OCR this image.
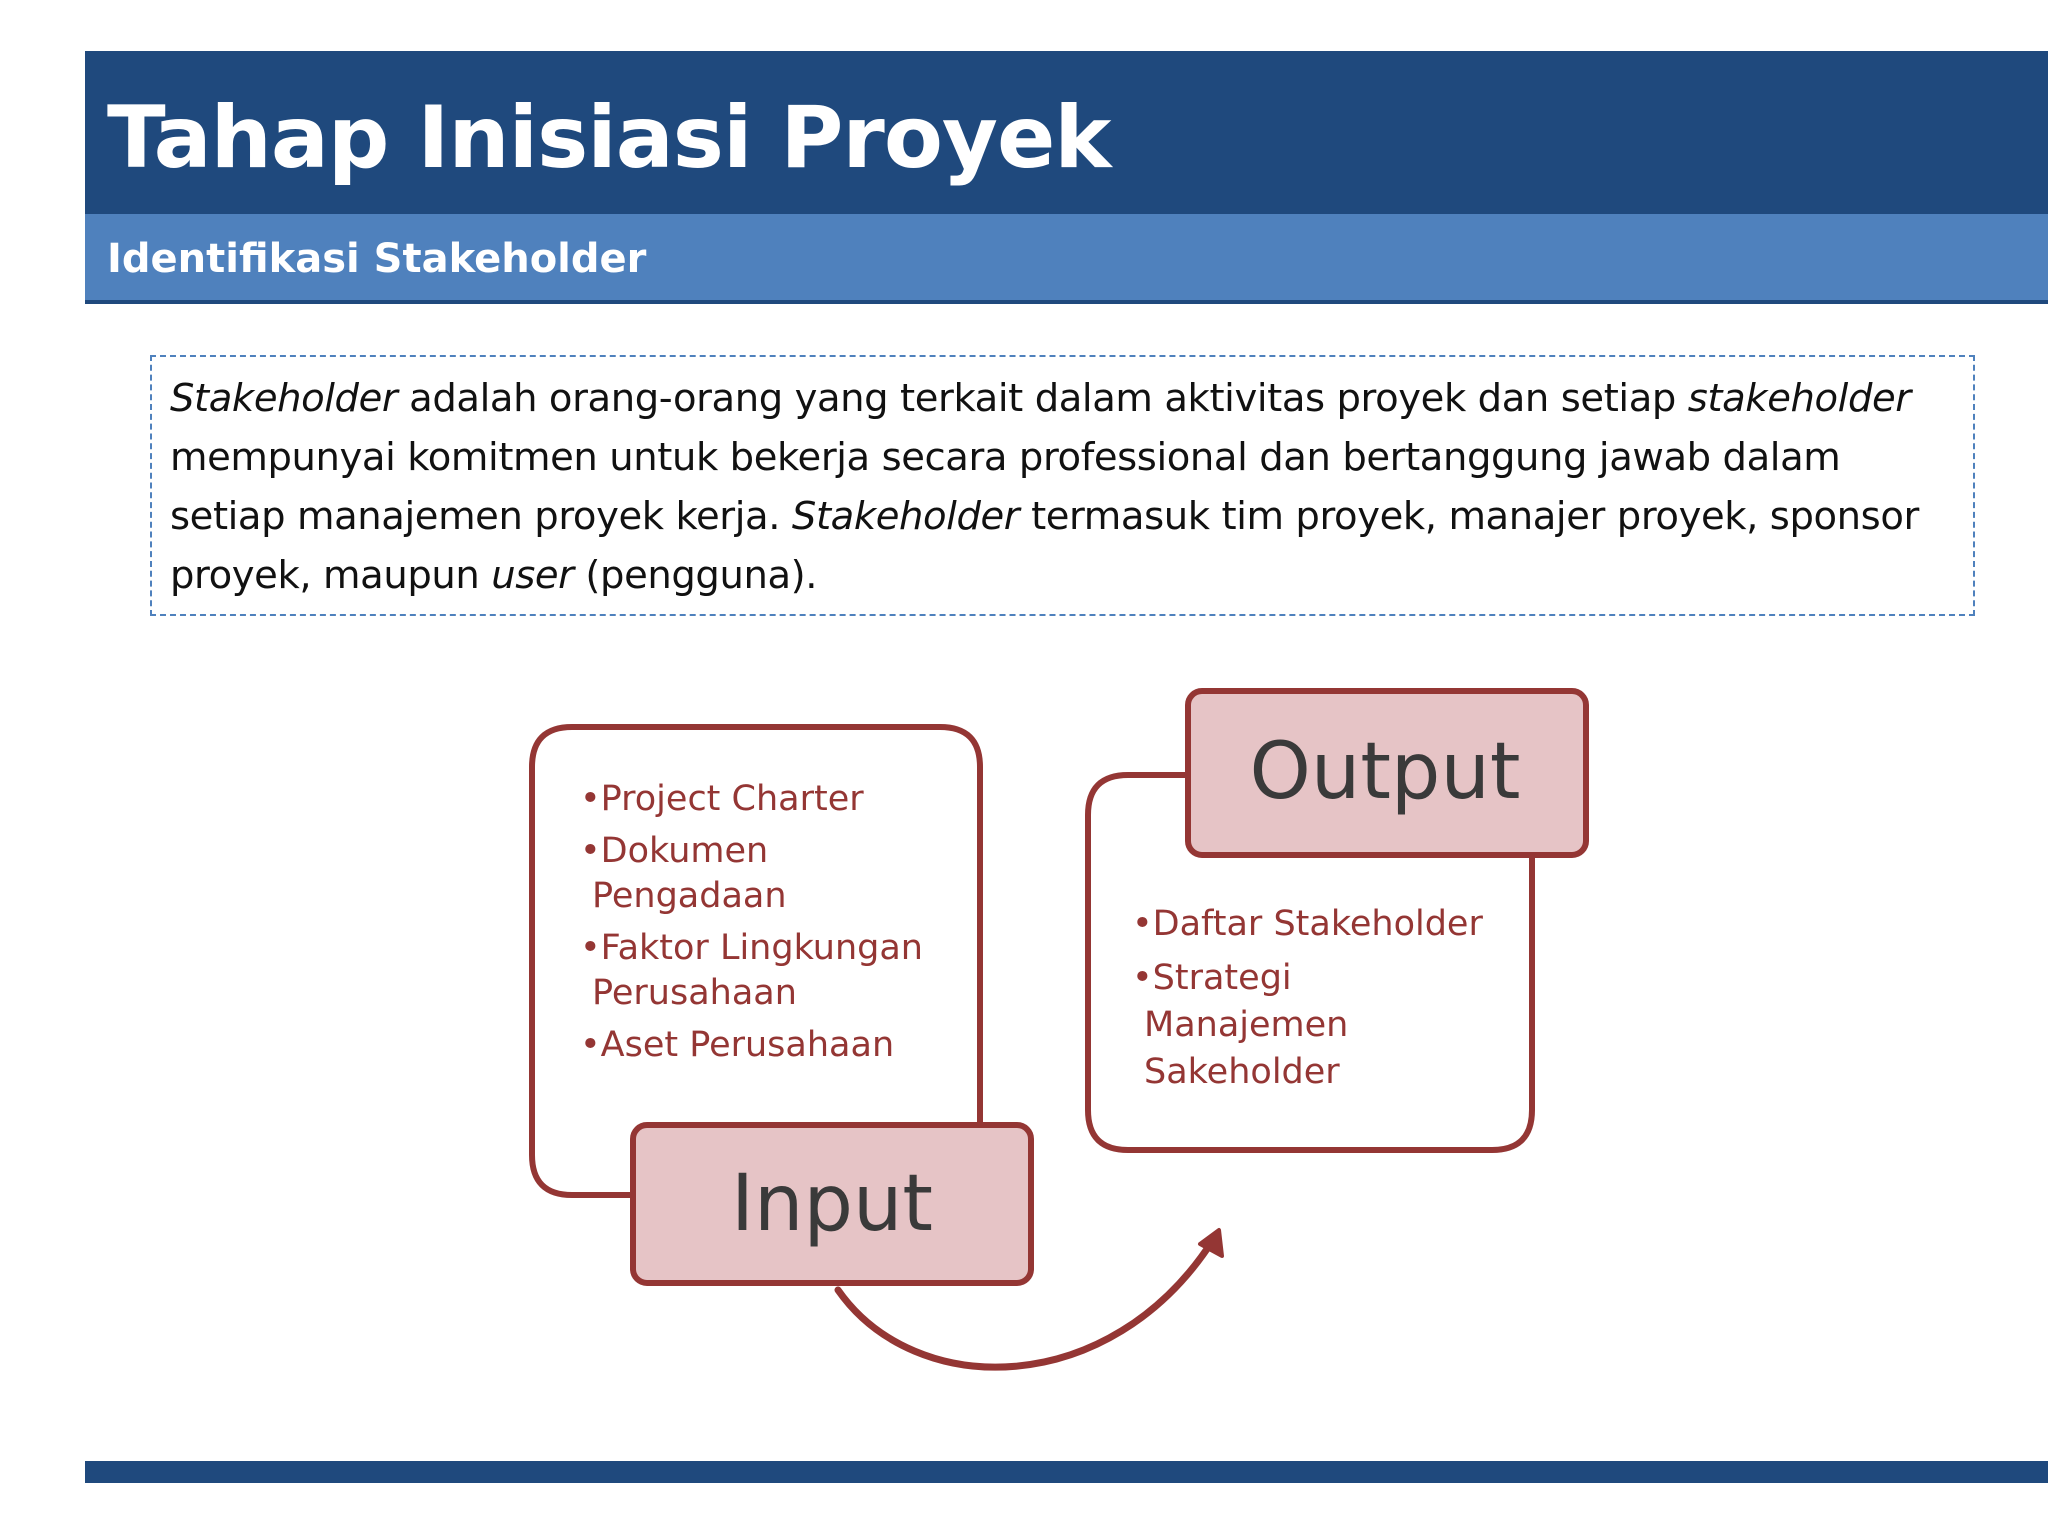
Tahap Inisiasi Proyek
Identifikasi Stakeholder

Stakeholder adalah orang-orang yang terkait dalam aktivitas proyek dan setiap stakeholder mempunyai komitmen untuk bekerja secara professional dan bertanggung jawab dalam setiap manajemen proyek kerja. Stakeholder termasuk tim proyek, manajer proyek, sponsor proyek, maupun user (pengguna).

•Project Charter
•Dokumen
Pengadaan
•Faktor Lingkungan
Perusahaan
•Aset Perusahaan
Input
•Daftar Stakeholder
•Strategi
Manajemen
Sakeholder
Output
